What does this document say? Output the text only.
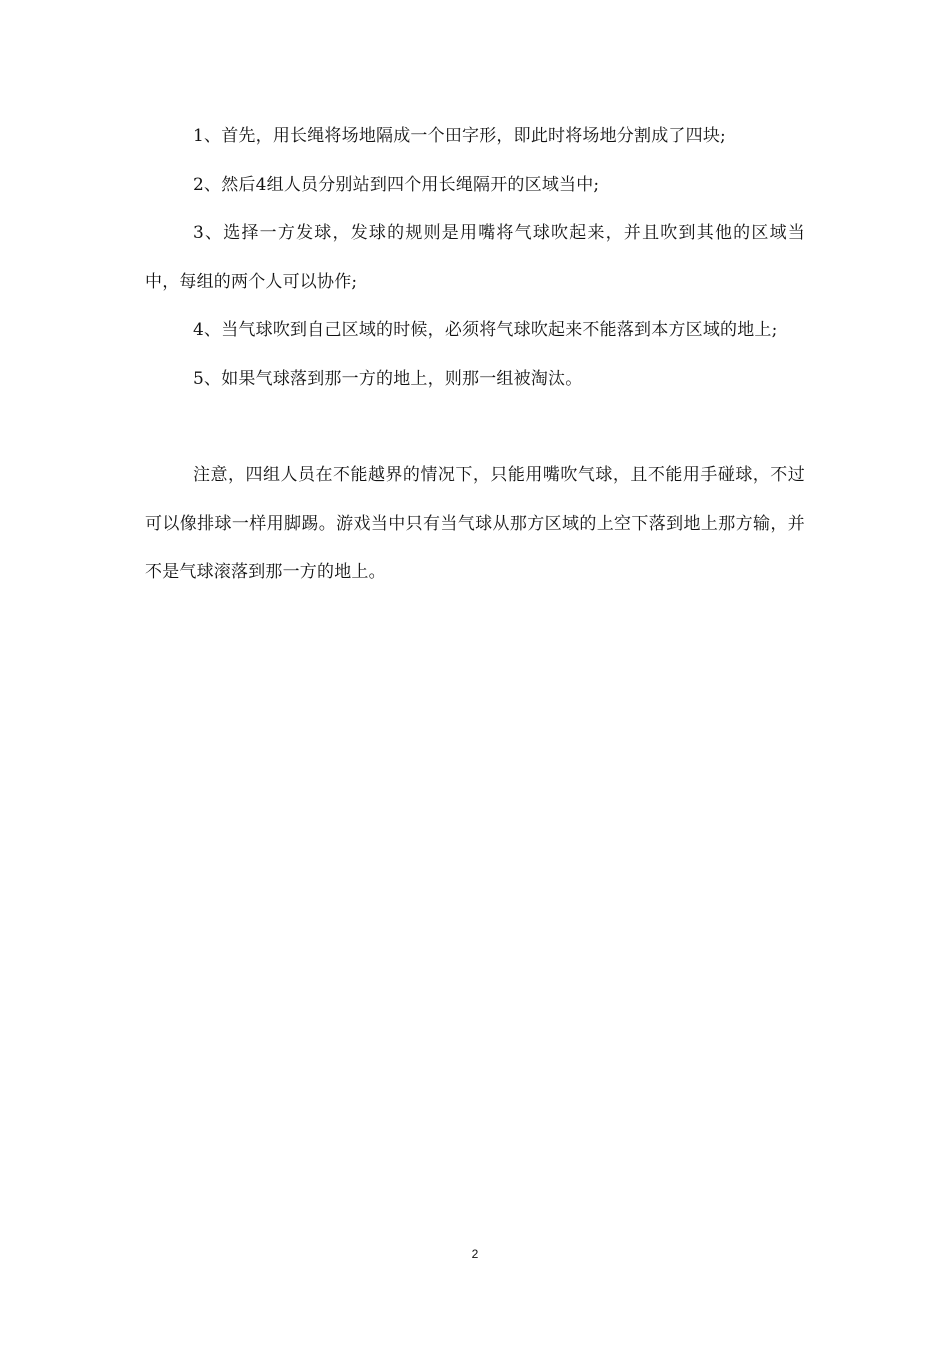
1、首先，用长绳将场地隔成一个田字形，即此时将场地分割成了四块;

2、然后4组人员分别站到四个用长绳隔开的区域当中;

3、选择一方发球，发球的规则是用嘴将气球吹起来，并且吹到其他的区域当中，每组的两个人可以协作;

4、当气球吹到自己区域的时候，必须将气球吹起来不能落到本方区域的地上;

5、如果气球落到那一方的地上，则那一组被淘汰。

注意，四组人员在不能越界的情况下，只能用嘴吹气球，且不能用手碰球，不过可以像排球一样用脚踢。游戏当中只有当气球从那方区域的上空下落到地上那方输，并不是气球滚落到那一方的地上。

2
